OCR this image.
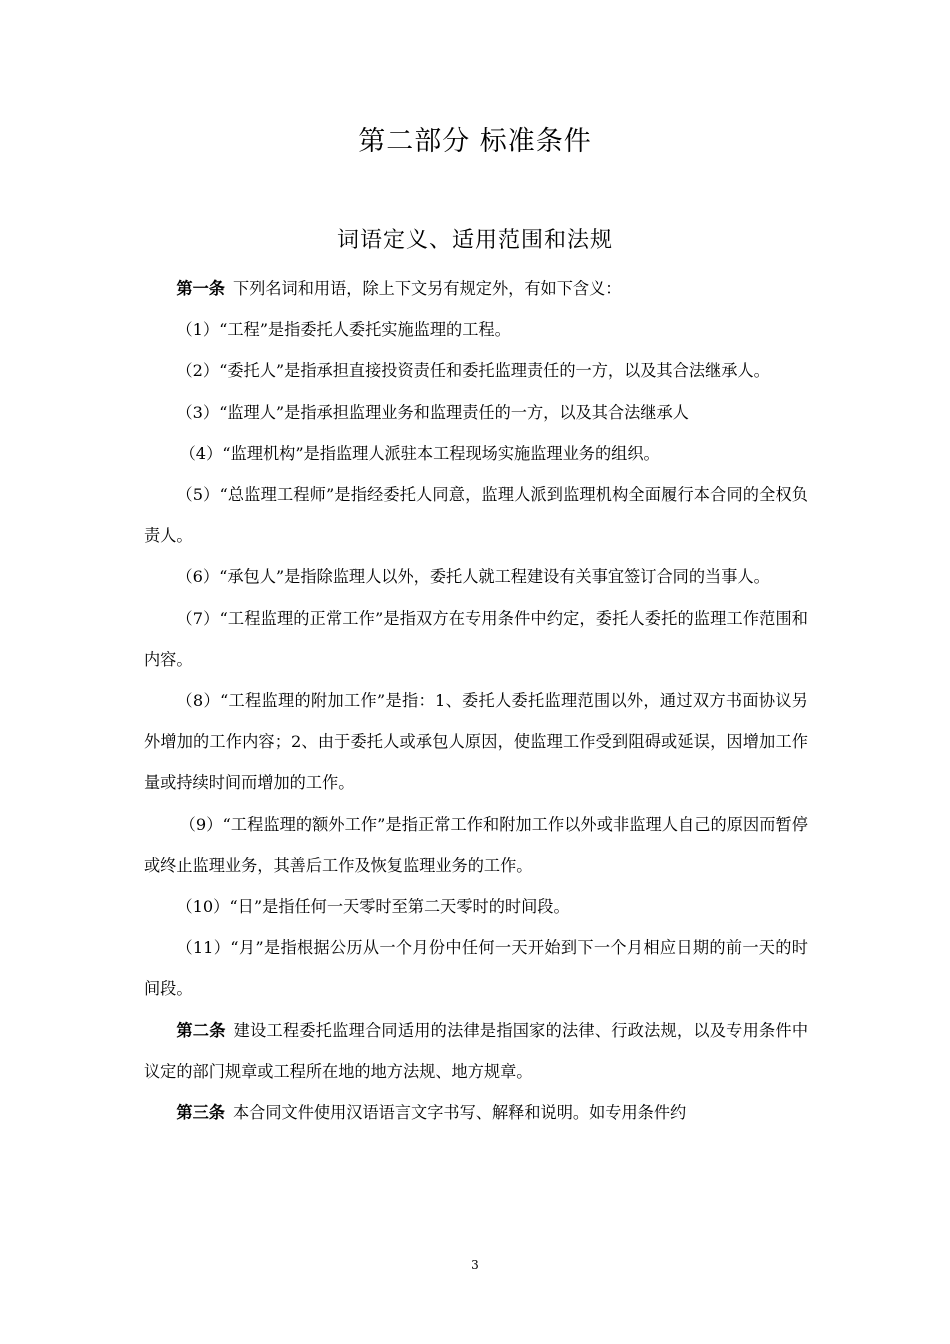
第二部分 标准条件
词语定义、适用范围和法规

第一条 下列名词和用语，除上下文另有规定外，有如下含义：

（1）“工程”是指委托人委托实施监理的工程。

（2）“委托人”是指承担直接投资责任和委托监理责任的一方，以及其合法继承人。

（3）“监理人”是指承担监理业务和监理责任的一方，以及其合法继承人

（4）“监理机构”是指监理人派驻本工程现场实施监理业务的组织。

（5）“总监理工程师”是指经委托人同意，监理人派到监理机构全面履行本合同的全权负责人。

（6）“承包人”是指除监理人以外，委托人就工程建设有关事宜签订合同的当事人。

（7）“工程监理的正常工作”是指双方在专用条件中约定，委托人委托的监理工作范围和内容。

（8）“工程监理的附加工作”是指：1、委托人委托监理范围以外，通过双方书面协议另外增加的工作内容；2、由于委托人或承包人原因，使监理工作受到阻碍或延误，因增加工作量或持续时间而增加的工作。

（9）“工程监理的额外工作”是指正常工作和附加工作以外或非监理人自己的原因而暂停或终止监理业务，其善后工作及恢复监理业务的工作。

（10）“日”是指任何一天零时至第二天零时的时间段。

（11）“月”是指根据公历从一个月份中任何一天开始到下一个月相应日期的前一天的时间段。

第二条 建设工程委托监理合同适用的法律是指国家的法律、行政法规，以及专用条件中议定的部门规章或工程所在地的地方法规、地方规章。

第三条 本合同文件使用汉语语言文字书写、解释和说明。如专用条件约

3
